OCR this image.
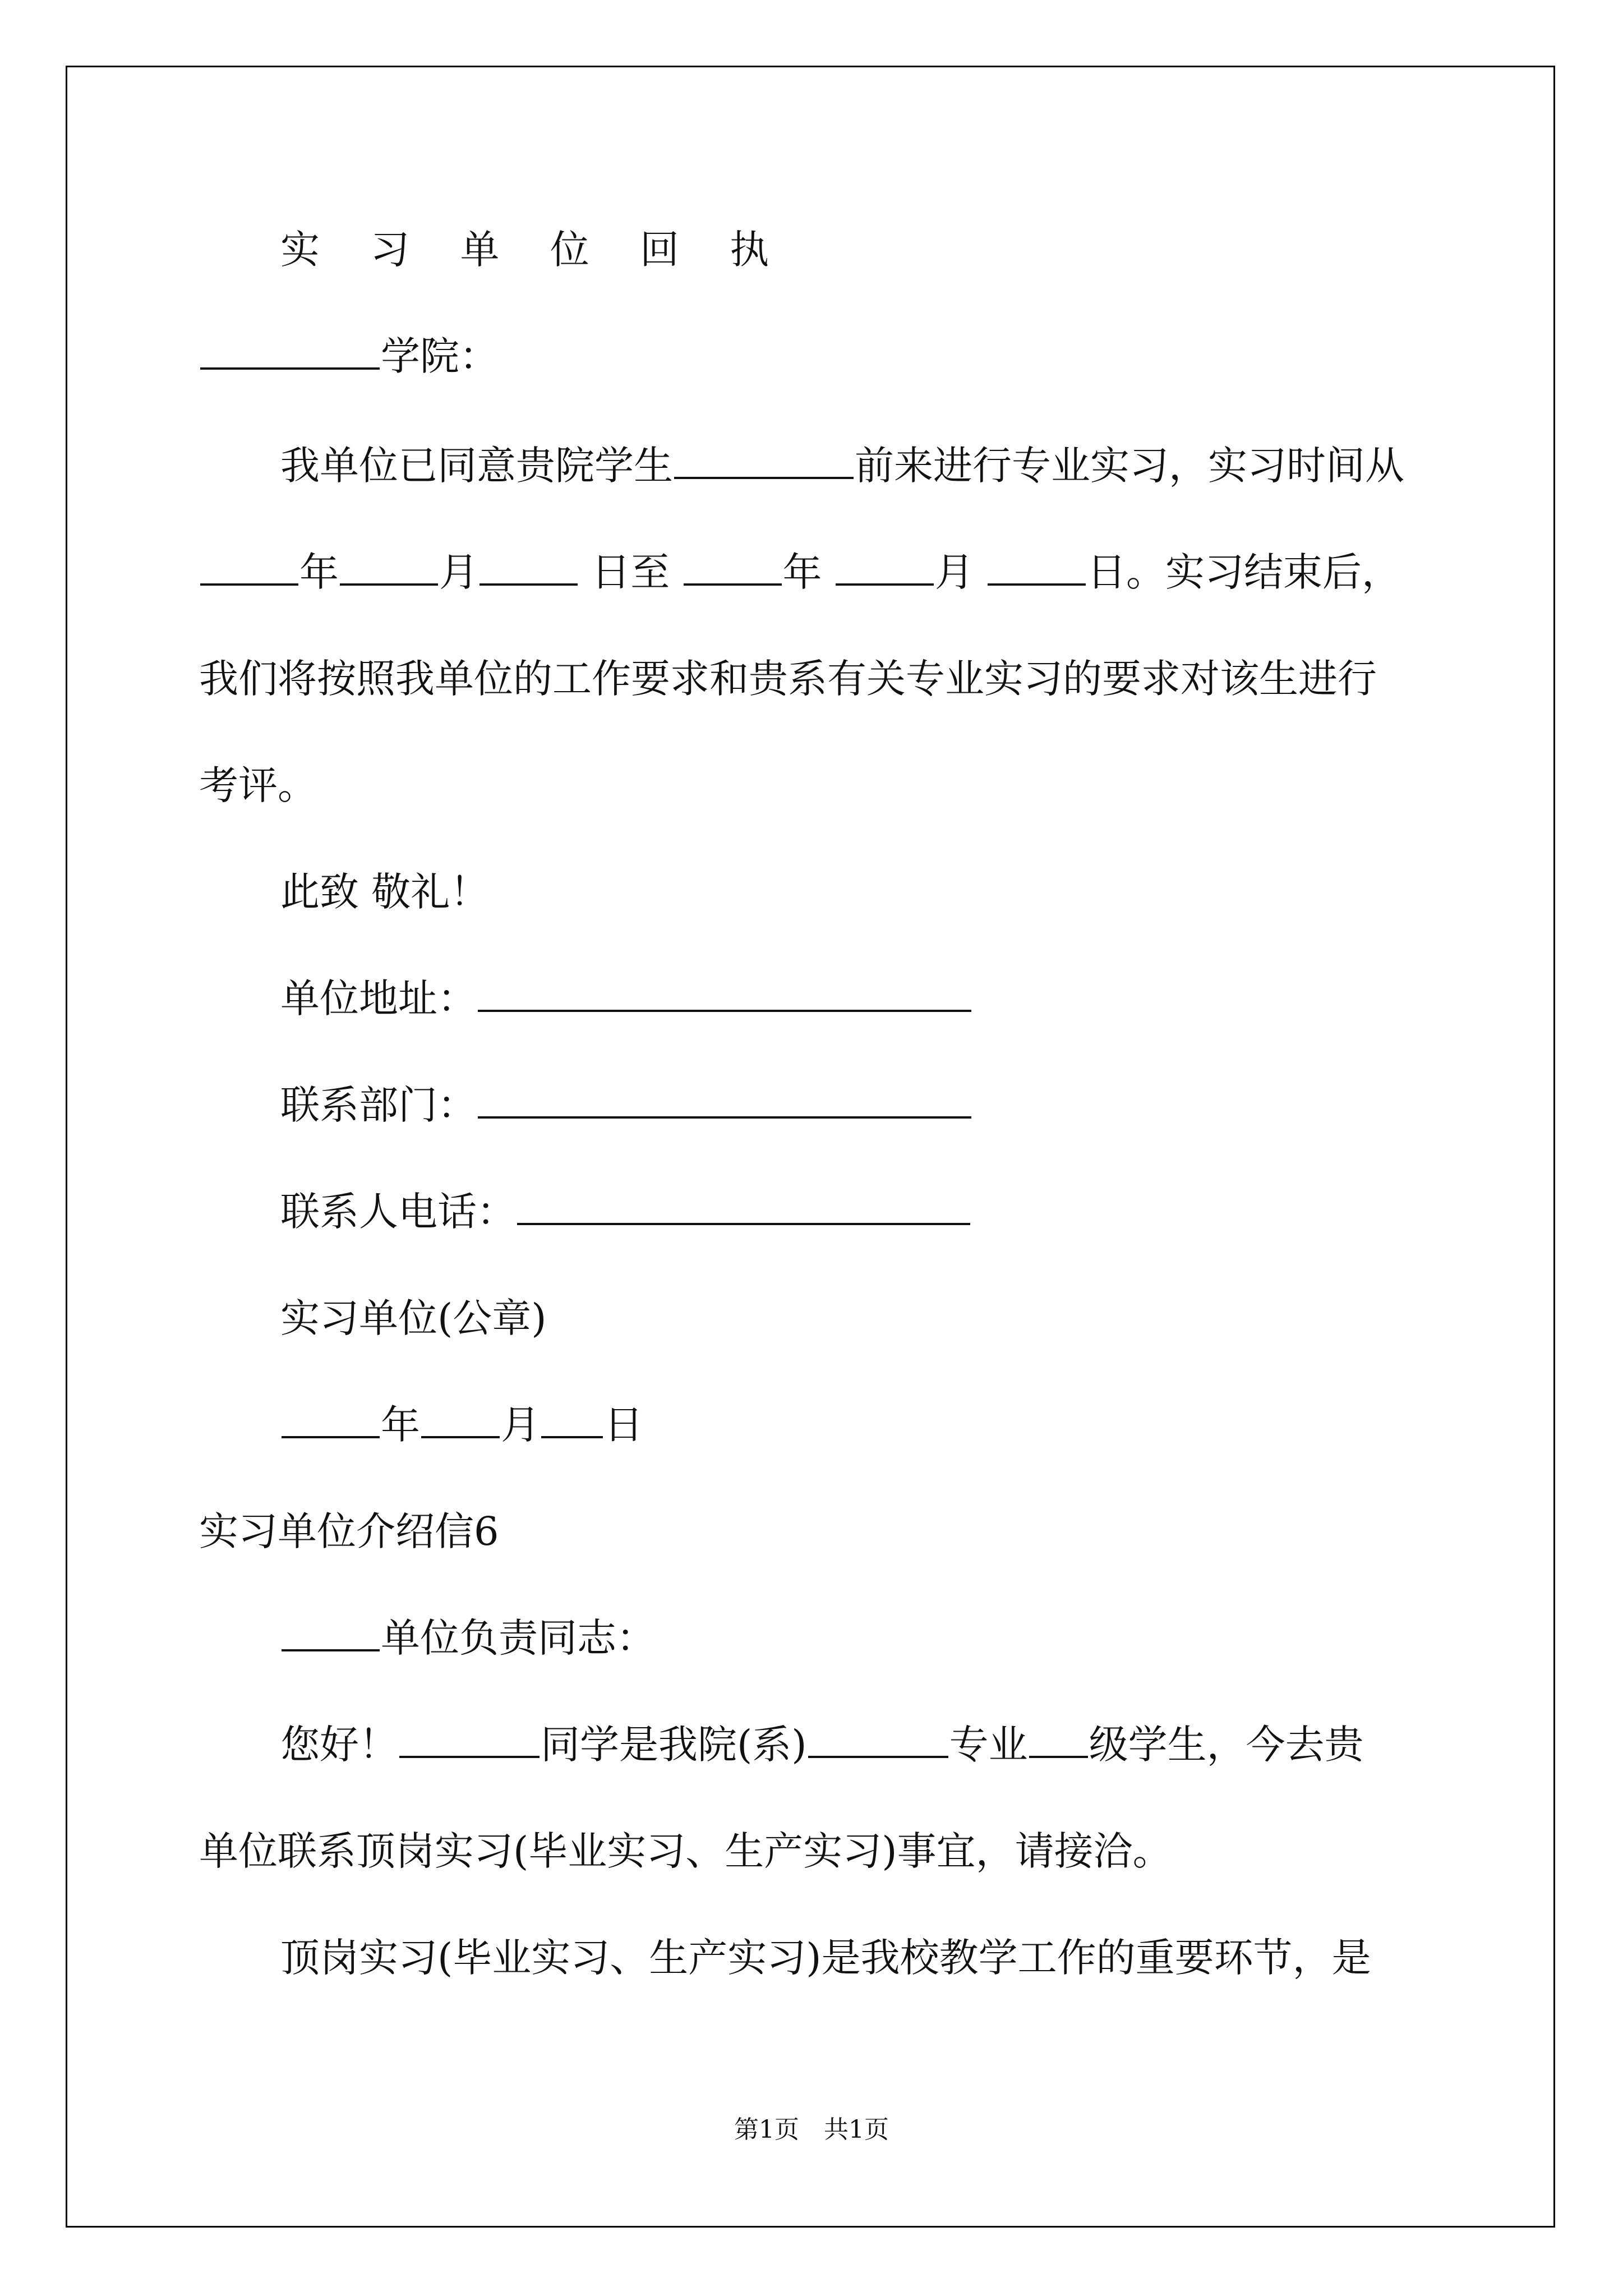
实 习 单 位 回 执
学院：
我单位已同意贵院学生	前来进行专业实习，实习时间从
年	月	日至	年	月	日。实习结束后，
我们将按照我单位的工作要求和贵系有关专业实习的要求对该生进行
考评。
此致 敬礼！
单位地址：
联系部门：
联系人电话：
实习单位(公章)
年 月 日
实习单位介绍信6
单位负责同志：
您好！	同学是我院(系)	专业 级学生，今去贵
单位联系顶岗实习(毕业实习、生产实习)事宜，请接洽。
顶岗实习(毕业实习、生产实习)是我校教学工作的重要环节，是
第1页　共1页
